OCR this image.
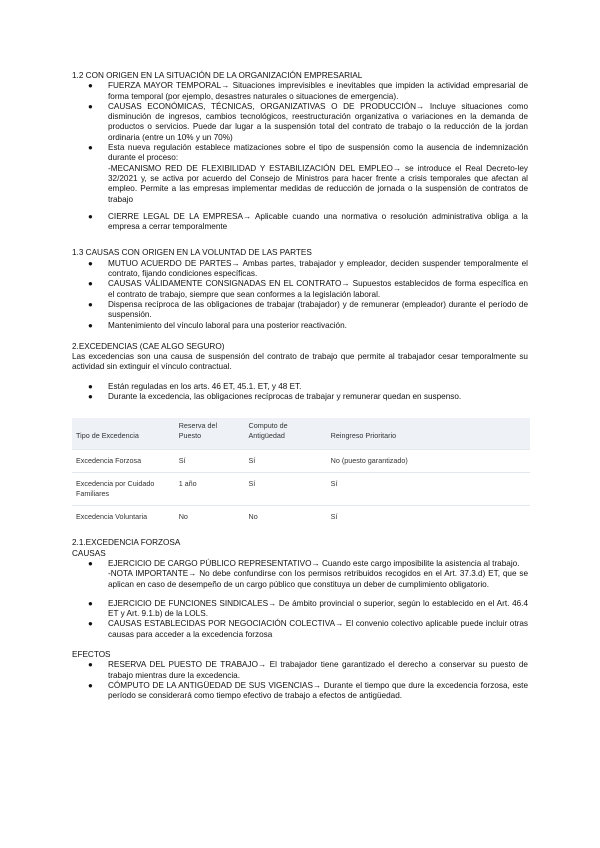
1.2 CON ORIGEN EN LA SITUACIÓN DE LA ORGANIZACIÓN EMPRESARIAL

● FUERZA MAYOR TEMPORAL→ Situaciones imprevisibles e inevitables que impiden la actividad empresarial de forma temporal (por ejemplo, desastres naturales o situaciones de emergencia).
● CAUSAS ECONÓMICAS, TÉCNICAS, ORGANIZATIVAS O DE PRODUCCIÓN→ Incluye situaciones como disminución de ingresos, cambios tecnológicos, reestructuración organizativa o variaciones en la demanda de productos o servicios. Puede dar lugar a la suspensión total del contrato de trabajo o la reducción de la jordan ordinaria (entre un 10% y un 70%)
● Esta nueva regulación establece matizaciones sobre el tipo de suspensión como la ausencia de indemnización durante el proceso:
-MECANISMO RED DE FLEXIBILIDAD Y ESTABILIZACIÓN DEL EMPLEO→ se introduce el Real Decreto-ley 32/2021 y, se activa por acuerdo del Consejo de Ministros para hacer frente a crisis temporales que afectan al empleo. Permite a las empresas implementar medidas de reducción de jornada o la suspensión de contratos de trabajo
● CIERRE LEGAL DE LA EMPRESA→ Aplicable cuando una normativa o resolución administrativa obliga a la empresa a cerrar temporalmente

1.3 CAUSAS CON ORIGEN EN LA VOLUNTAD DE LAS PARTES

● MUTUO ACUERDO DE PARTES→ Ambas partes, trabajador y empleador, deciden suspender temporalmente el contrato, fijando condiciones específicas.
● CAUSAS VÁLIDAMENTE CONSIGNADAS EN EL CONTRATO→ Supuestos establecidos de forma específica en el contrato de trabajo, siempre que sean conformes a la legislación laboral.
● Dispensa recíproca de las obligaciones de trabajar (trabajador) y de remunerar (empleador) durante el período de suspensión.
● Mantenimiento del vínculo laboral para una posterior reactivación.

2.EXCEDENCIAS (CAE ALGO SEGURO)

Las excedencias son una causa de suspensión del contrato de trabajo que permite al trabajador cesar temporalmente su actividad sin extinguir el vínculo contractual.

● Están reguladas en los arts. 46 ET, 45.1. ET, y 48 ET.
● Durante la excedencia, las obligaciones recíprocas de trabajar y remunerar quedan en suspenso.
Tipo de Excedencia	Reserva del Puesto	Computo de Antigüedad	Reingreso Prioritario
Excedencia Forzosa	Sí	Sí	No (puesto garantizado)
Excedencia por Cuidado Familiares	1 año	Sí	Sí
Excedencia Voluntaria	No	No	Sí

2.1.EXCEDENCIA FORZOSA

CAUSAS

● EJERCICIO DE CARGO PÚBLICO REPRESENTATIVO→ Cuando este cargo imposibilite la asistencia al trabajo.
-NOTA IMPORTANTE→ No debe confundirse con los permisos retribuidos recogidos en el Art. 37.3.d) ET, que se aplican en caso de desempeño de un cargo público que constituya un deber de cumplimiento obligatorio.
● EJERCICIO DE FUNCIONES SINDICALES→ De ámbito provincial o superior, según lo establecido en el Art. 46.4 ET y Art. 9.1.b) de la LOLS.
● CAUSAS ESTABLECIDAS POR NEGOCIACIÓN COLECTIVA→ El convenio colectivo aplicable puede incluir otras causas para acceder a la excedencia forzosa

EFECTOS

● RESERVA DEL PUESTO DE TRABAJO→ El trabajador tiene garantizado el derecho a conservar su puesto de trabajo mientras dure la excedencia.
● CÓMPUTO DE LA ANTIGÜEDAD DE SUS VIGENCIAS→ Durante el tiempo que dure la excedencia forzosa, este período se considerará como tiempo efectivo de trabajo a efectos de antigüedad.
